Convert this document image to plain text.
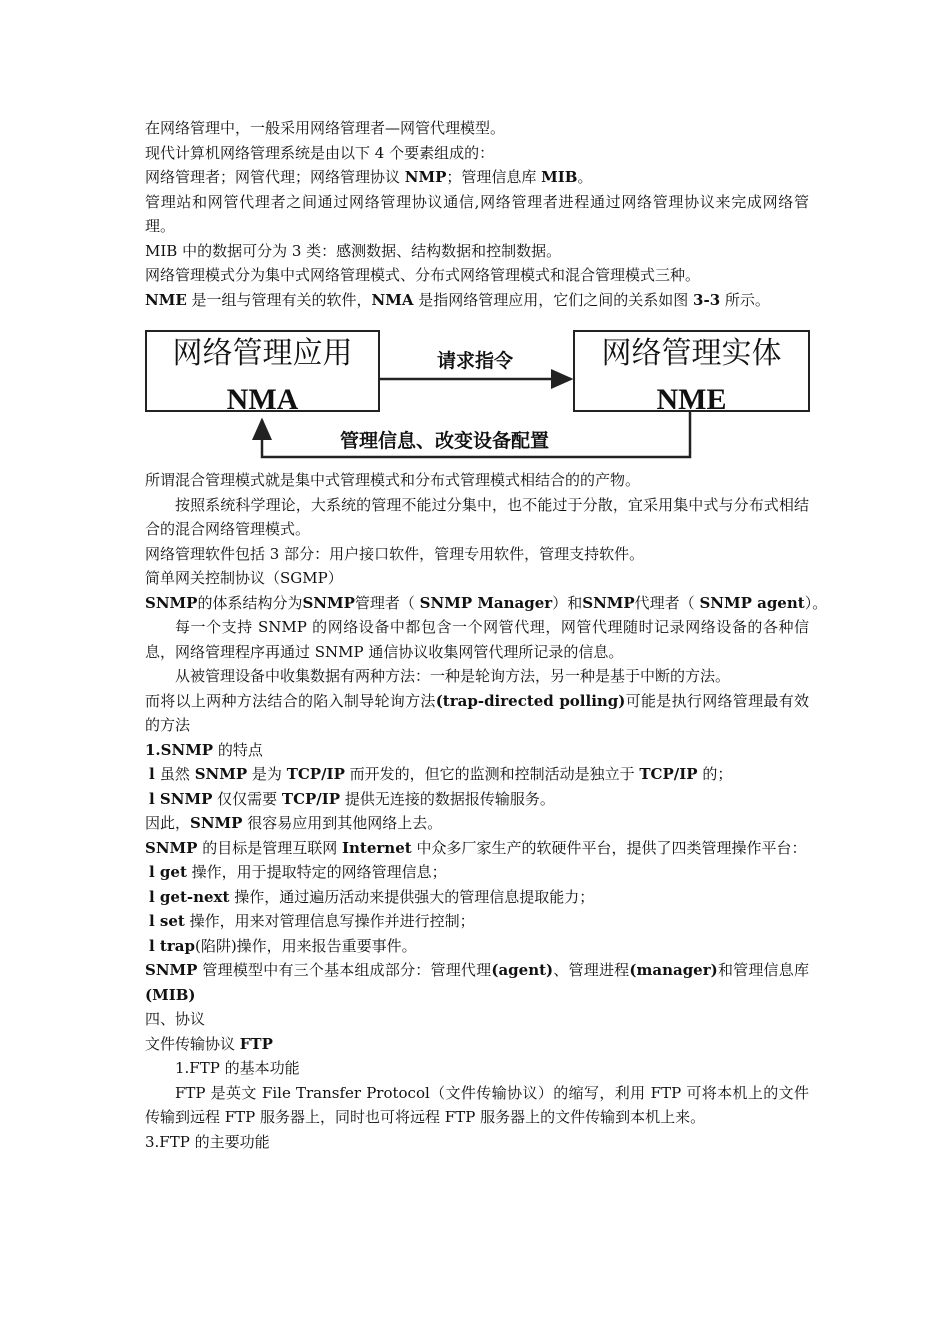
在网络管理中，一般采用网络管理者—网管代理模型。
现代计算机网络管理系统是由以下 4 个要素组成的：
网络管理者；网管代理；网络管理协议 NMP；管理信息库 MIB。
管理站和网管代理者之间通过网络管理协议通信,网络管理者进程通过网络管理协议来完成网络管理。
MIB 中的数据可分为 3 类：感测数据、结构数据和控制数据。
网络管理模式分为集中式网络管理模式、分布式网络管理模式和混合管理模式三种。
NME 是一组与管理有关的软件，NMA 是指网络管理应用，它们之间的关系如图 3-3 所示。
网络管理应用
NMA
网络管理实体
NME
请求指令
管理信息、改变设备配置
所谓混合管理模式就是集中式管理模式和分布式管理模式相结合的的产物。
按照系统科学理论，大系统的管理不能过分集中，也不能过于分散，宜采用集中式与分布式相结合的混合网络管理模式。
网络管理软件包括 3 部分：用户接口软件，管理专用软件，管理支持软件。
简单网关控制协议（SGMP）
SNMP的体系结构分为SNMP管理者（ SNMP Manager）和SNMP代理者（ SNMP agent）。
每一个支持 SNMP 的网络设备中都包含一个网管代理，网管代理随时记录网络设备的各种信息，网络管理程序再通过 SNMP 通信协议收集网管代理所记录的信息。
从被管理设备中收集数据有两种方法：一种是轮询方法，另一种是基于中断的方法。
而将以上两种方法结合的陷入制导轮询方法(trap-directed polling)可能是执行网络管理最有效的方法
1.SNMP 的特点
l 虽然 SNMP 是为 TCP/IP 而开发的，但它的监测和控制活动是独立于 TCP/IP 的；
l SNMP 仅仅需要 TCP/IP 提供无连接的数据报传输服务。
因此，SNMP 很容易应用到其他网络上去。
SNMP 的目标是管理互联网 Internet 中众多厂家生产的软硬件平台，提供了四类管理操作平台：
l get 操作，用于提取特定的网络管理信息；
l get-next 操作，通过遍历活动来提供强大的管理信息提取能力；
l set 操作，用来对管理信息写操作并进行控制；
l trap(陷阱)操作，用来报告重要事件。
SNMP 管理模型中有三个基本组成部分：管理代理(agent)、管理进程(manager)和管理信息库(MIB)
四、协议
文件传输协议 FTP
1.FTP 的基本功能
FTP 是英文 File Transfer Protocol（文件传输协议）的缩写，利用 FTP 可将本机上的文件传输到远程 FTP 服务器上，同时也可将远程 FTP 服务器上的文件传输到本机上来。
3.FTP 的主要功能
